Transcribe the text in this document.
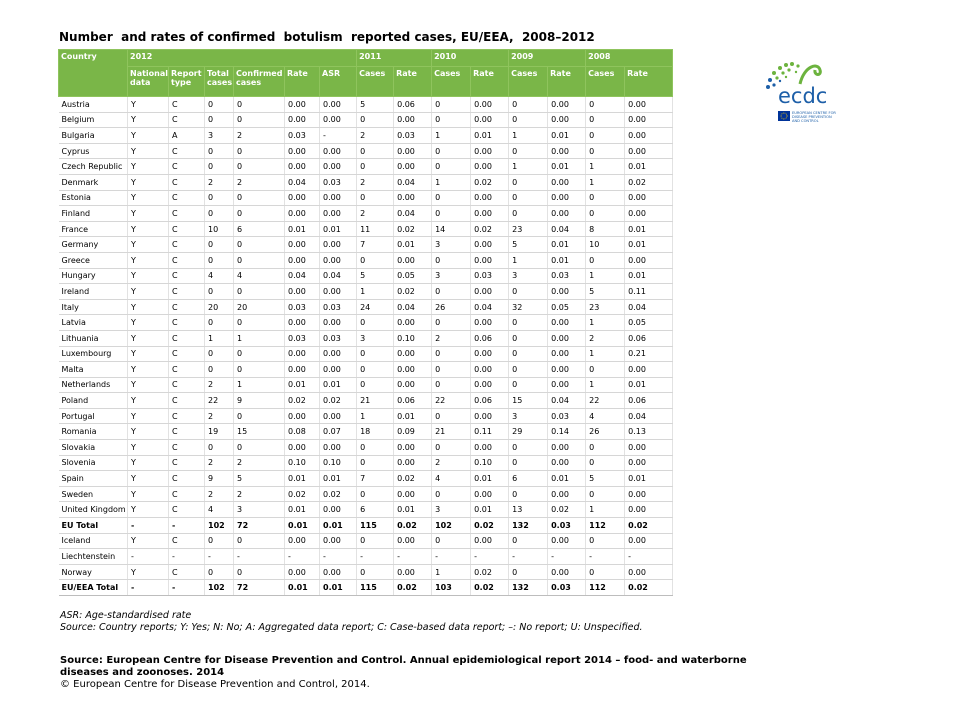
Number  and rates of confirmed  botulism  reported cases, EU/EEA,  2008–2012
Country	2012						2011		2010		2009		2008	
	National data	Report type	Total cases	Confirmed cases	Rate	ASR	Cases	Rate	Cases	Rate	Cases	Rate	Cases	Rate
Austria	Y	C	0	0	0.00	0.00	5	0.06	0	0.00	0	0.00	0	0.00
Belgium	Y	C	0	0	0.00	0.00	0	0.00	0	0.00	0	0.00	0	0.00
Bulgaria	Y	A	3	2	0.03	-	2	0.03	1	0.01	1	0.01	0	0.00
Cyprus	Y	C	0	0	0.00	0.00	0	0.00	0	0.00	0	0.00	0	0.00
Czech Republic	Y	C	0	0	0.00	0.00	0	0.00	0	0.00	1	0.01	1	0.01
Denmark	Y	C	2	2	0.04	0.03	2	0.04	1	0.02	0	0.00	1	0.02
Estonia	Y	C	0	0	0.00	0.00	0	0.00	0	0.00	0	0.00	0	0.00
Finland	Y	C	0	0	0.00	0.00	2	0.04	0	0.00	0	0.00	0	0.00
France	Y	C	10	6	0.01	0.01	11	0.02	14	0.02	23	0.04	8	0.01
Germany	Y	C	0	0	0.00	0.00	7	0.01	3	0.00	5	0.01	10	0.01
Greece	Y	C	0	0	0.00	0.00	0	0.00	0	0.00	1	0.01	0	0.00
Hungary	Y	C	4	4	0.04	0.04	5	0.05	3	0.03	3	0.03	1	0.01
Ireland	Y	C	0	0	0.00	0.00	1	0.02	0	0.00	0	0.00	5	0.11
Italy	Y	C	20	20	0.03	0.03	24	0.04	26	0.04	32	0.05	23	0.04
Latvia	Y	C	0	0	0.00	0.00	0	0.00	0	0.00	0	0.00	1	0.05
Lithuania	Y	C	1	1	0.03	0.03	3	0.10	2	0.06	0	0.00	2	0.06
Luxembourg	Y	C	0	0	0.00	0.00	0	0.00	0	0.00	0	0.00	1	0.21
Malta	Y	C	0	0	0.00	0.00	0	0.00	0	0.00	0	0.00	0	0.00
Netherlands	Y	C	2	1	0.01	0.01	0	0.00	0	0.00	0	0.00	1	0.01
Poland	Y	C	22	9	0.02	0.02	21	0.06	22	0.06	15	0.04	22	0.06
Portugal	Y	C	2	0	0.00	0.00	1	0.01	0	0.00	3	0.03	4	0.04
Romania	Y	C	19	15	0.08	0.07	18	0.09	21	0.11	29	0.14	26	0.13
Slovakia	Y	C	0	0	0.00	0.00	0	0.00	0	0.00	0	0.00	0	0.00
Slovenia	Y	C	2	2	0.10	0.10	0	0.00	2	0.10	0	0.00	0	0.00
Spain	Y	C	9	5	0.01	0.01	7	0.02	4	0.01	6	0.01	5	0.01
Sweden	Y	C	2	2	0.02	0.02	0	0.00	0	0.00	0	0.00	0	0.00
United Kingdom	Y	C	4	3	0.01	0.00	6	0.01	3	0.01	13	0.02	1	0.00
EU Total	-	-	102	72	0.01	0.01	115	0.02	102	0.02	132	0.03	112	0.02
Iceland	Y	C	0	0	0.00	0.00	0	0.00	0	0.00	0	0.00	0	0.00
Liechtenstein	-	-	-	-	-	-	-	-	-	-	-	-	-	-
Norway	Y	C	0	0	0.00	0.00	0	0.00	1	0.02	0	0.00	0	0.00
EU/EEA Total	-	-	102	72	0.01	0.01	115	0.02	103	0.02	132	0.03	112	0.02
ASR: Age-standardised rate
Source: Country reports; Y: Yes; N: No; A: Aggregated data report; C: Case-based data report; –: No report; U: Unspecified.
Source: European Centre for Disease Prevention and Control. Annual epidemiological report 2014 – food- and waterborne diseases and zoonoses. 2014
© European Centre for Disease Prevention and Control, 2014.
ecdc
EUROPEAN CENTRE FOR
DISEASE PREVENTION
AND CONTROL
